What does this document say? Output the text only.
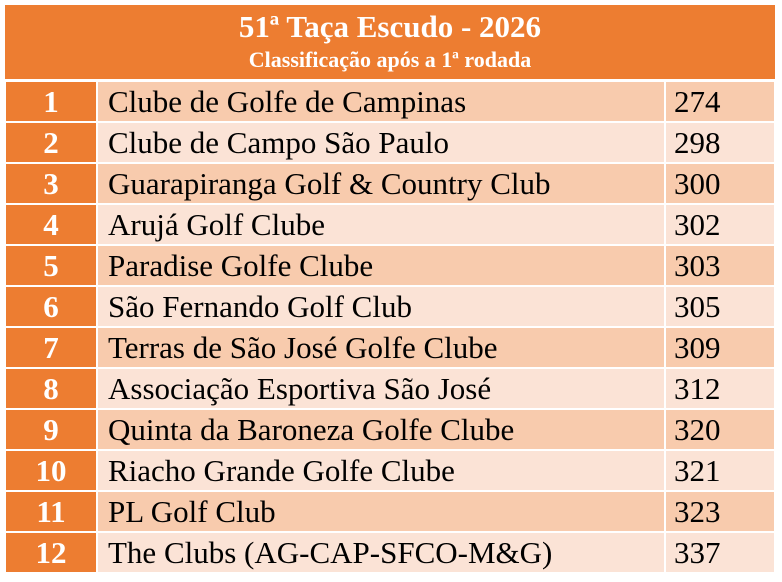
51ª Taça Escudo - 2026
Classificação após a 1ª rodada
1	Clube de Golfe de Campinas	274
2	Clube de Campo São Paulo	298
3	Guarapiranga Golf & Country Club	300
4	Arujá Golf Clube	302
5	Paradise Golfe Clube	303
6	São Fernando Golf Club	305
7	Terras de São José Golfe Clube	309
8	Associação Esportiva São José	312
9	Quinta da Baroneza Golfe Clube	320
10	Riacho Grande Golfe Clube	321
11	PL Golf Club	323
12	The Clubs (AG-CAP-SFCO-M&G)	337
